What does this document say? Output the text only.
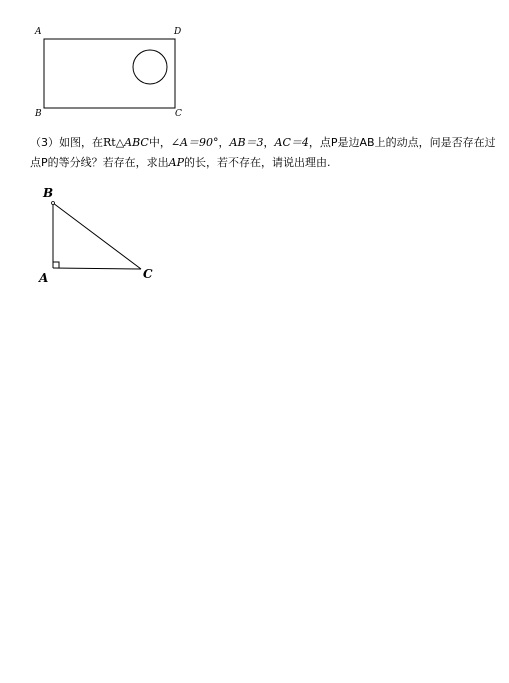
A	D
B	C
（3）如图，在Rt△ABC中，∠A＝90°，AB＝3，AC＝4，点P是边AB上的动点，问是否存在过
点P的等分线？若存在，求出AP的长，若不存在，请说出理由.
B
A	C
